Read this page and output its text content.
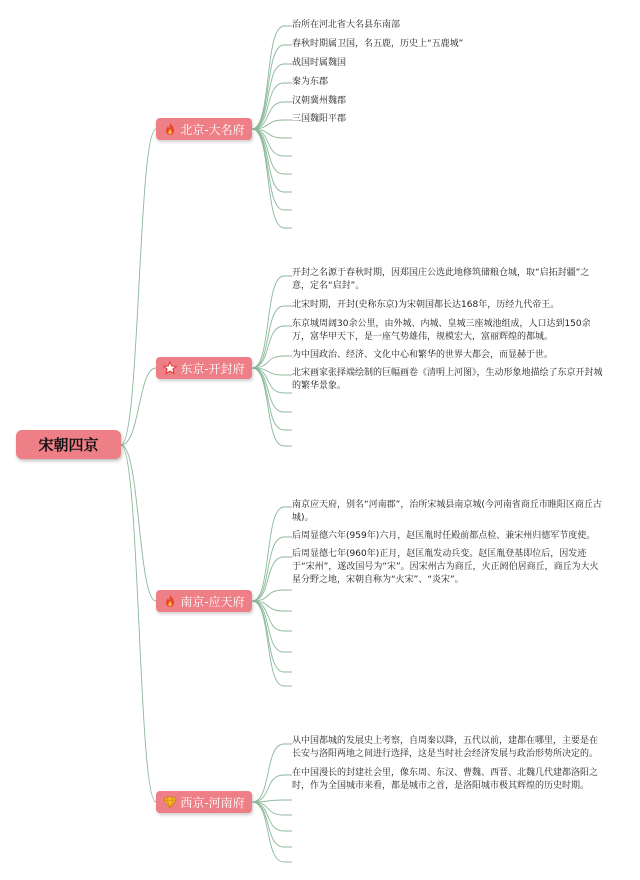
宋朝四京
北京-大名府
东京-开封府
南京-应天府
西京-河南府
治所在河北省大名县东南部
春秋时期属卫国，名五鹿，历史上“五鹿城”
战国时属魏国
秦为东郡
汉朝冀州魏郡
三国魏阳平郡
开封之名源于春秋时期，因郑国庄公选此地修筑储粮仓城，取“启拓封疆”之意，定名“启封”。
北宋时期，开封(史称东京)为宋朝国都长达168年，历经九代帝王。
东京城周阔30余公里，由外城、内城、皇城三座城池组成，人口达到150余万，富华甲天下，是一座气势雄伟，规模宏大，富丽辉煌的都城。
为中国政治、经济、文化中心和繁华的世界大都会，而显赫于世。
北宋画家张择端绘制的巨幅画卷《清明上河图》，生动形象地描绘了东京开封城的繁华景象。
南京应天府，别名“河南郡”，治所宋城县南京城(今河南省商丘市睢阳区商丘古城)。
后周显德六年(959年)六月，赵匡胤时任殿前都点检、兼宋州归德军节度使。
后周显德七年(960年)正月，赵匡胤发动兵变。赵匡胤登基即位后，因发迹于“宋州”，遂改国号为“宋”。因宋州古为商丘，火正阏伯居商丘，商丘为大火星分野之地，宋朝自称为“火宋”、“炎宋”。
从中国都城的发展史上考察，自周秦以降，五代以前，建都在哪里，主要是在长安与洛阳两地之间进行选择，这是当时社会经济发展与政治形势所决定的。
在中国漫长的封建社会里，像东周、东汉、曹魏、西晋、北魏几代建都洛阳之时，作为全国城市来看，都是城市之首，是洛阳城市极其辉煌的历史时期。
